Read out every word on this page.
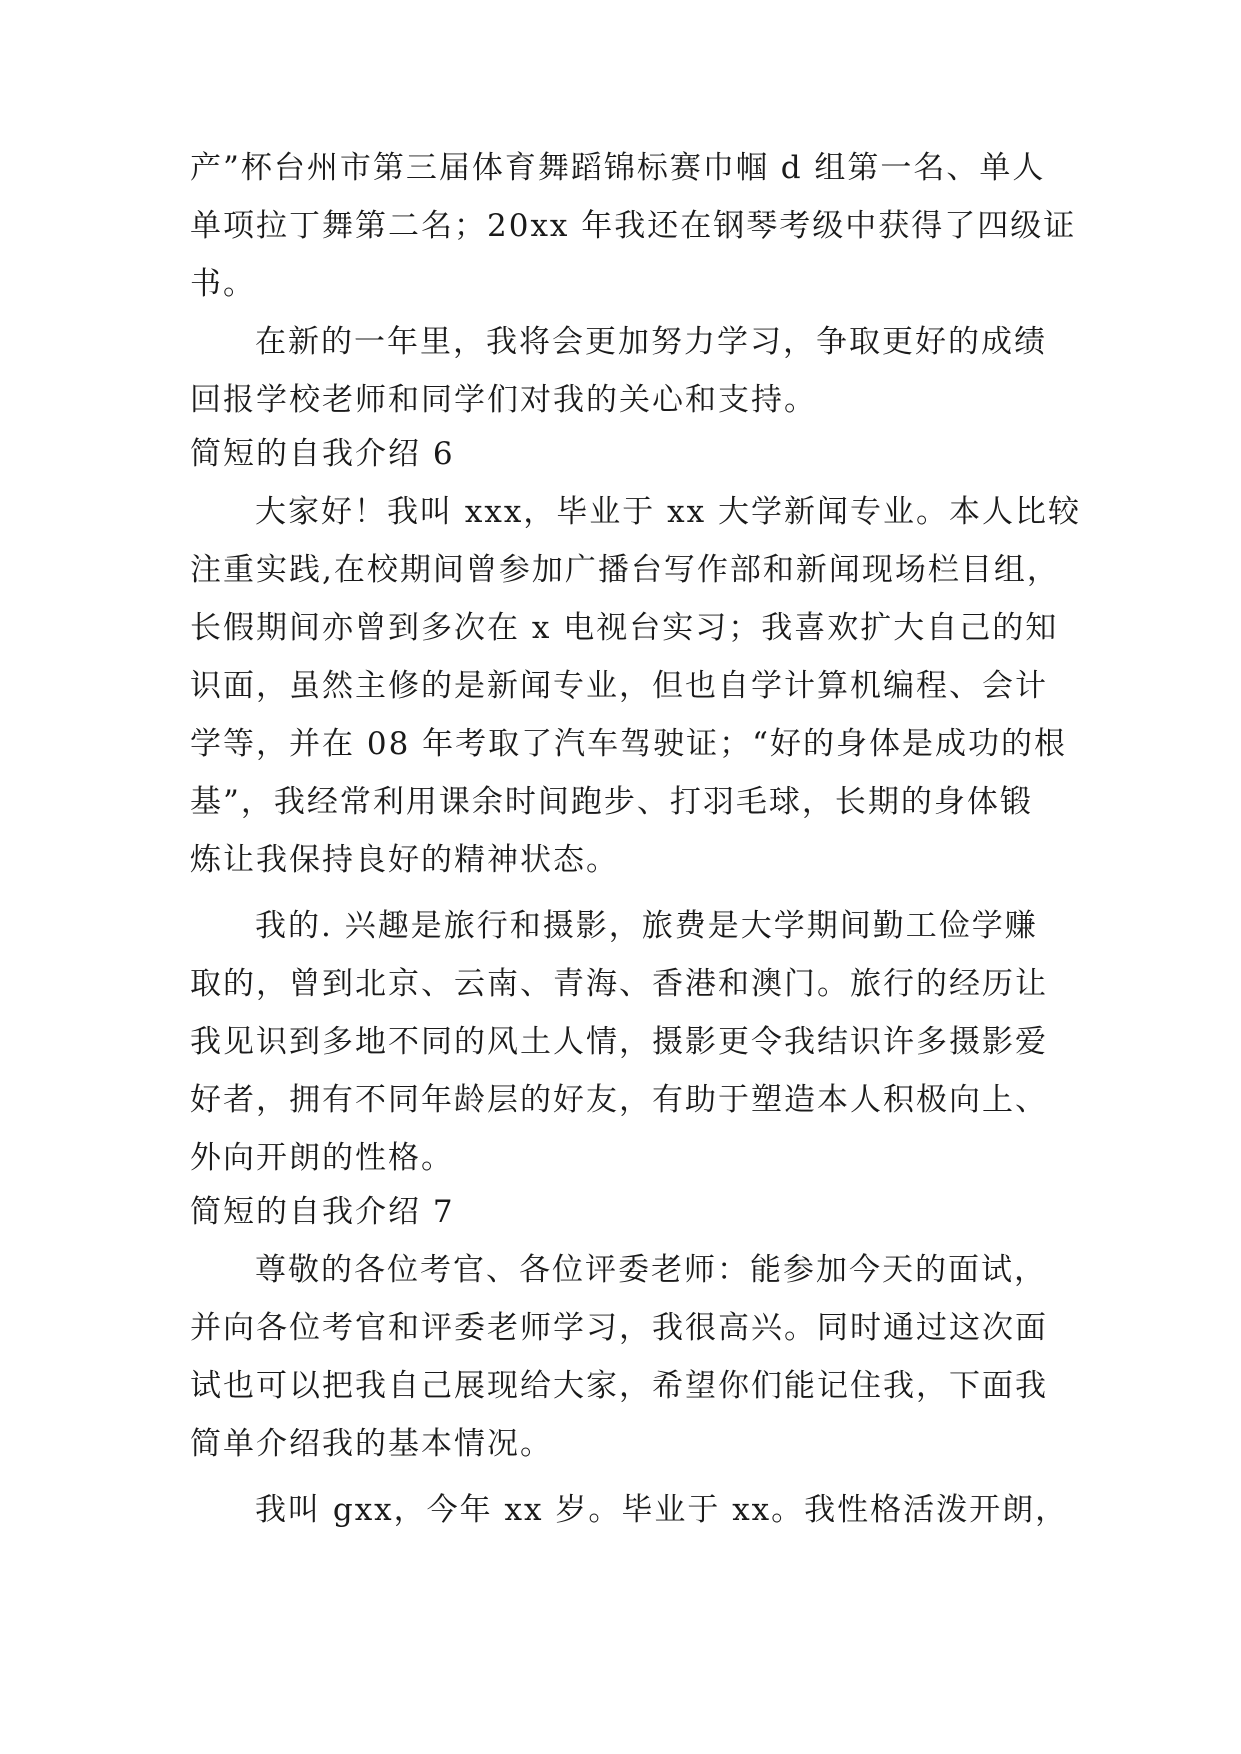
产”杯台州市第三届体育舞蹈锦标赛巾帼 d 组第一名、单人
单项拉丁舞第二名；20xx 年我还在钢琴考级中获得了四级证
书。
在新的一年里，我将会更加努力学习，争取更好的成绩
回报学校老师和同学们对我的关心和支持。
简短的自我介绍 6
大家好！我叫 xxx，毕业于 xx 大学新闻专业。本人比较
注重实践,在校期间曾参加广播台写作部和新闻现场栏目组，
长假期间亦曾到多次在 x 电视台实习；我喜欢扩大自己的知
识面，虽然主修的是新闻专业，但也自学计算机编程、会计
学等，并在 08 年考取了汽车驾驶证；“好的身体是成功的根
基”，我经常利用课余时间跑步、打羽毛球，长期的身体锻
炼让我保持良好的精神状态。
我的. 兴趣是旅行和摄影，旅费是大学期间勤工俭学赚
取的，曾到北京、云南、青海、香港和澳门。旅行的经历让
我见识到多地不同的风土人情，摄影更令我结识许多摄影爱
好者，拥有不同年龄层的好友，有助于塑造本人积极向上、
外向开朗的性格。
简短的自我介绍 7
尊敬的各位考官、各位评委老师：能参加今天的面试，
并向各位考官和评委老师学习，我很高兴。同时通过这次面
试也可以把我自己展现给大家，希望你们能记住我，下面我
简单介绍我的基本情况。
我叫 gxx，今年 xx 岁。毕业于 xx。我性格活泼开朗，
